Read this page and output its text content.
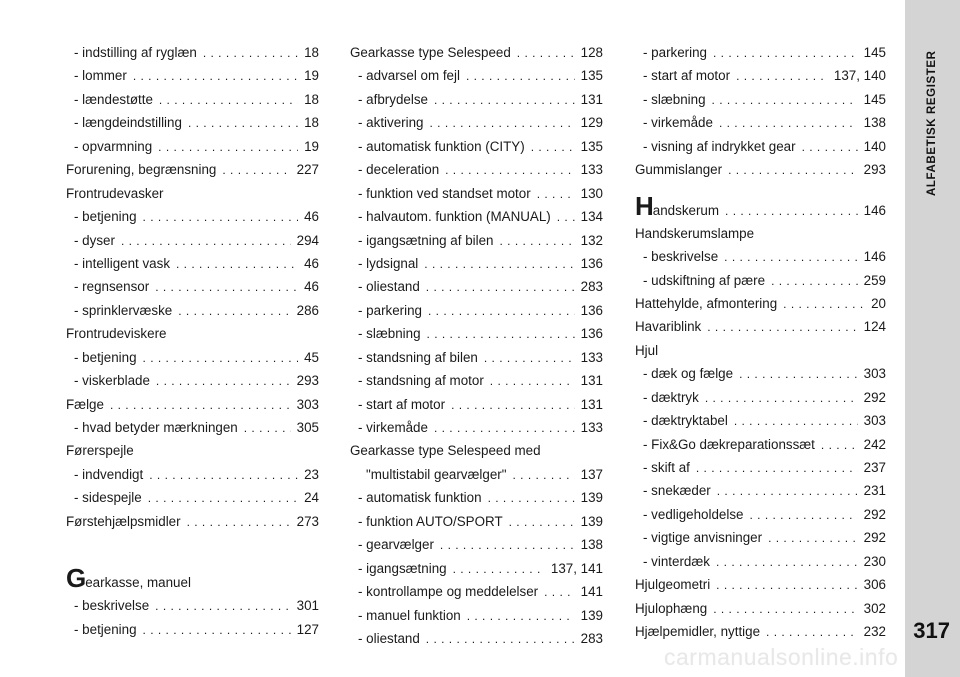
- indstilling af ryglæn . . .	18
- lommer . . .	19
- lændestøtte . . .	18
- længdeindstilling . . .	18
- opvarmning . . .	19
Forurening, begrænsning . . .	227
Frontrudevasker
- betjening . . .	46
- dyser . . .	294
- intelligent vask . . .	46
- regnsensor . . .	46
- sprinklervæske . . .	286
Frontrudeviskere
- betjening . . .	45
- viskerblade . . .	293
Fælge . . .	303
- hvad betyder mærkningen . . .	305
Førerspejle
- indvendigt . . .	23
- sidespejle . . .	24
Førstehjælpsmidler . . .	273
Gearkasse, manuel
- beskrivelse . . .	301
- betjening . . .	127
Gearkasse type Selespeed . . .	128
- advarsel om fejl . . .	135
- afbrydelse . . .	131
- aktivering . . .	129
- automatisk funktion (CITY) . . .	135
- deceleration . . .	133
- funktion ved standset motor . . .	130
- halvautom. funktion (MANUAL) . . . 134
- igangsætning af bilen . . .	132
- lydsignal . . .	136
- oliestand . . .	283
- parkering . . .	136
- slæbning . . .	136
- standsning af bilen . . .	133
- standsning af motor . . .	131
- start af motor . . .	131
- virkemåde . . .	133
Gearkasse type Selespeed med
"multistabil gearvælger" . . .	137
- automatisk funktion . . .	139
- funktion AUTO/SPORT . . .	139
- gearvælger . . .	138
- igangsætning . . .	137, 141
- kontrollampe og meddelelser . . .	141
- manuel funktion . . .	139
- oliestand . . .	283
- parkering . . .	145
- start af motor . . .	137, 140
- slæbning . . .	145
- virkemåde . . .	138
- visning af indrykket gear . . .	140
Gummislanger . . .	293
Handskerum . . .	146
Handskerumslampe
- beskrivelse . . .	146
- udskiftning af pære . . .	259
Hattehylde, afmontering . . .	20
Havariblink . . .	124
Hjul
- dæk og fælge . . .	303
- dæktryk . . .	292
- dæktryktabel . . .	303
- Fix&Go dækreparationssæt . . .	242
- skift af . . .	237
- snekæder . . .	231
- vedligeholdelse . . .	292
- vigtige anvisninger . . .	292
- vinterdæk . . .	230
Hjulgeometri . . .	306
Hjulophæng . . .	302
Hjælpemidler, nyttige . . .	232
ALFABETISK REGISTER
317
carmanualsonline.info
